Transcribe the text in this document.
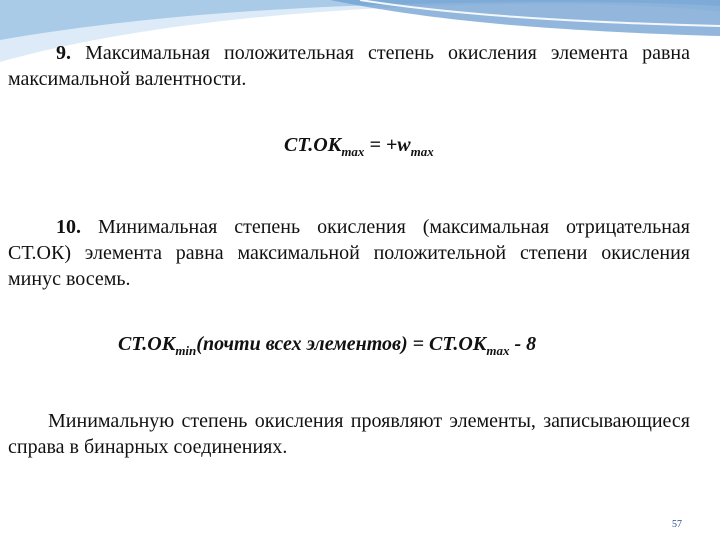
9. Максимальная положительная степень окисления элемента равна максимальной валентности.
$СТ.ОК_{max} = +w_{max}$
10. Минимальная степень окисления (максимальная отрицательная СТ.ОК) элемента равна максимальной положительной степени окисления минус восемь.
$СТ.ОК_{min}(почти$ всех элементов) = $СТ.ОК_{max} - 8$
Минимальную степень окисления проявляют элементы, записывающиеся справа в бинарных соединениях.
57
